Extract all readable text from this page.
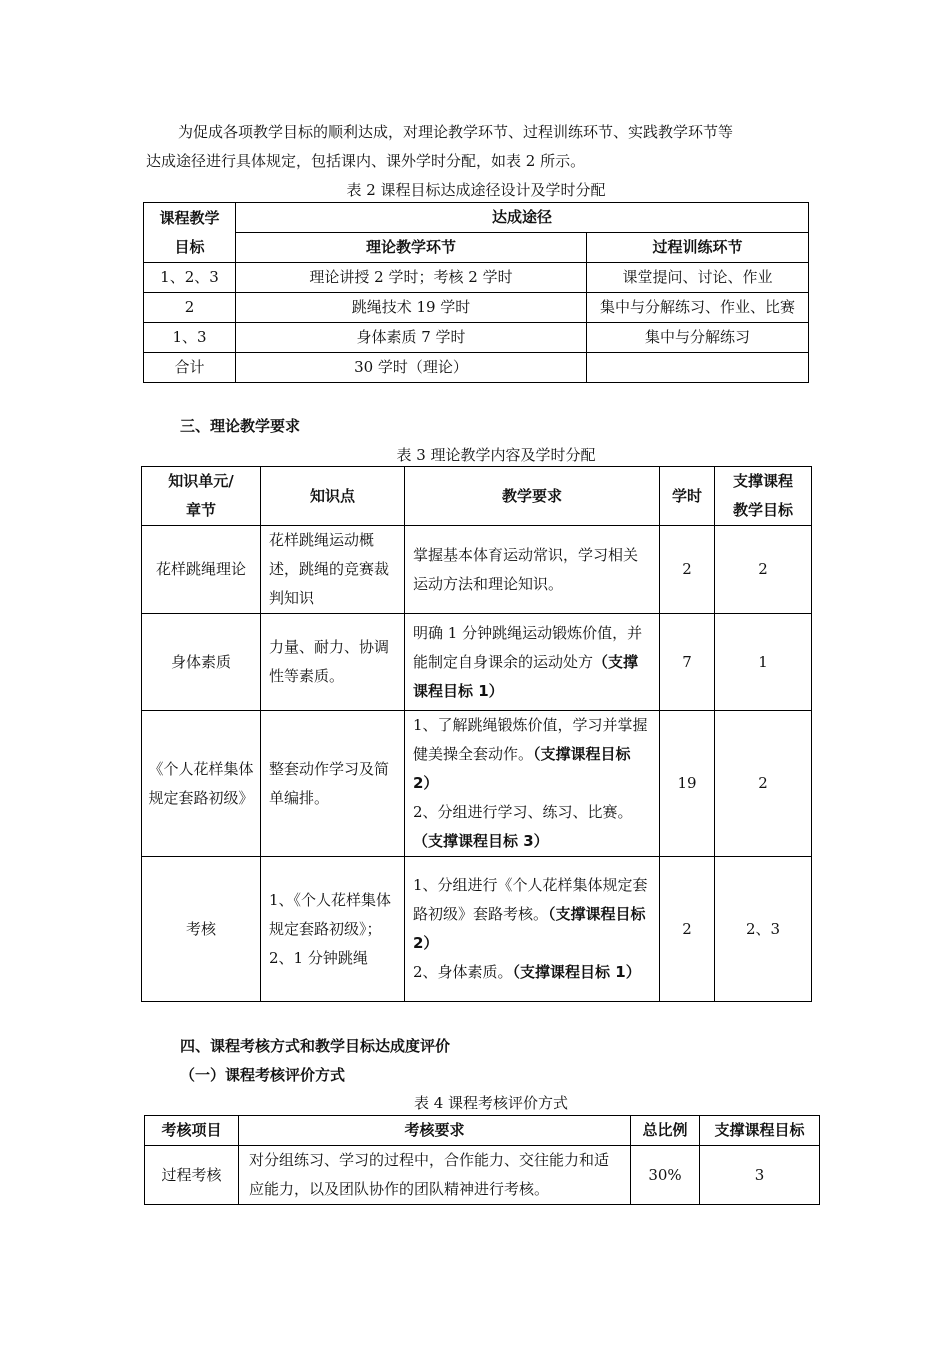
为促成各项教学目标的顺利达成，对理论教学环节、过程训练环节、实践教学环节等
达成途径进行具体规定，包括课内、课外学时分配，如表 2 所示。
表 2 课程目标达成途径设计及学时分配
课程教学
目标	达成途径	
	理论教学环节	过程训练环节
1、2、3	理论讲授 2 学时；考核 2 学时	课堂提问、讨论、作业
2	跳绳技术 19 学时	集中与分解练习、作业、比赛
1、3	身体素质 7 学时	集中与分解练习
合计	30 学时（理论）	
三、理论教学要求
表 3 理论教学内容及学时分配
知识单元/章节	知识点	教学要求	学时	支撑课程教学目标
花样跳绳理论	花样跳绳运动概述，跳绳的竞赛裁判知识	掌握基本体育运动常识，学习相关运动方法和理论知识。	2	2
身体素质	力量、耐力、协调性等素质。	明确 1 分钟跳绳运动锻炼价值，并能制定自身课余的运动处方（支撑课程目标 1）	7	1
《个人花样集体规定套路初级》	整套动作学习及简单编排。	1、了解跳绳锻炼价值，学习并掌握健美操全套动作。（支撑课程目标 2）
2、分组进行学习、练习、比赛。（支撑课程目标 3）	19	2
考核	1、《个人花样集体规定套路初级》；2、1 分钟跳绳	1、分组进行《个人花样集体规定套路初级》套路考核。（支撑课程目标 2）
2、身体素质。（支撑课程目标 1）	2	2、3
四、课程考核方式和教学目标达成度评价
（一）课程考核评价方式
表 4 课程考核评价方式
考核项目	考核要求	总比例	支撑课程目标
过程考核	对分组练习、学习的过程中，合作能力、交往能力和适应能力，以及团队协作的团队精神进行考核。	30%	3
